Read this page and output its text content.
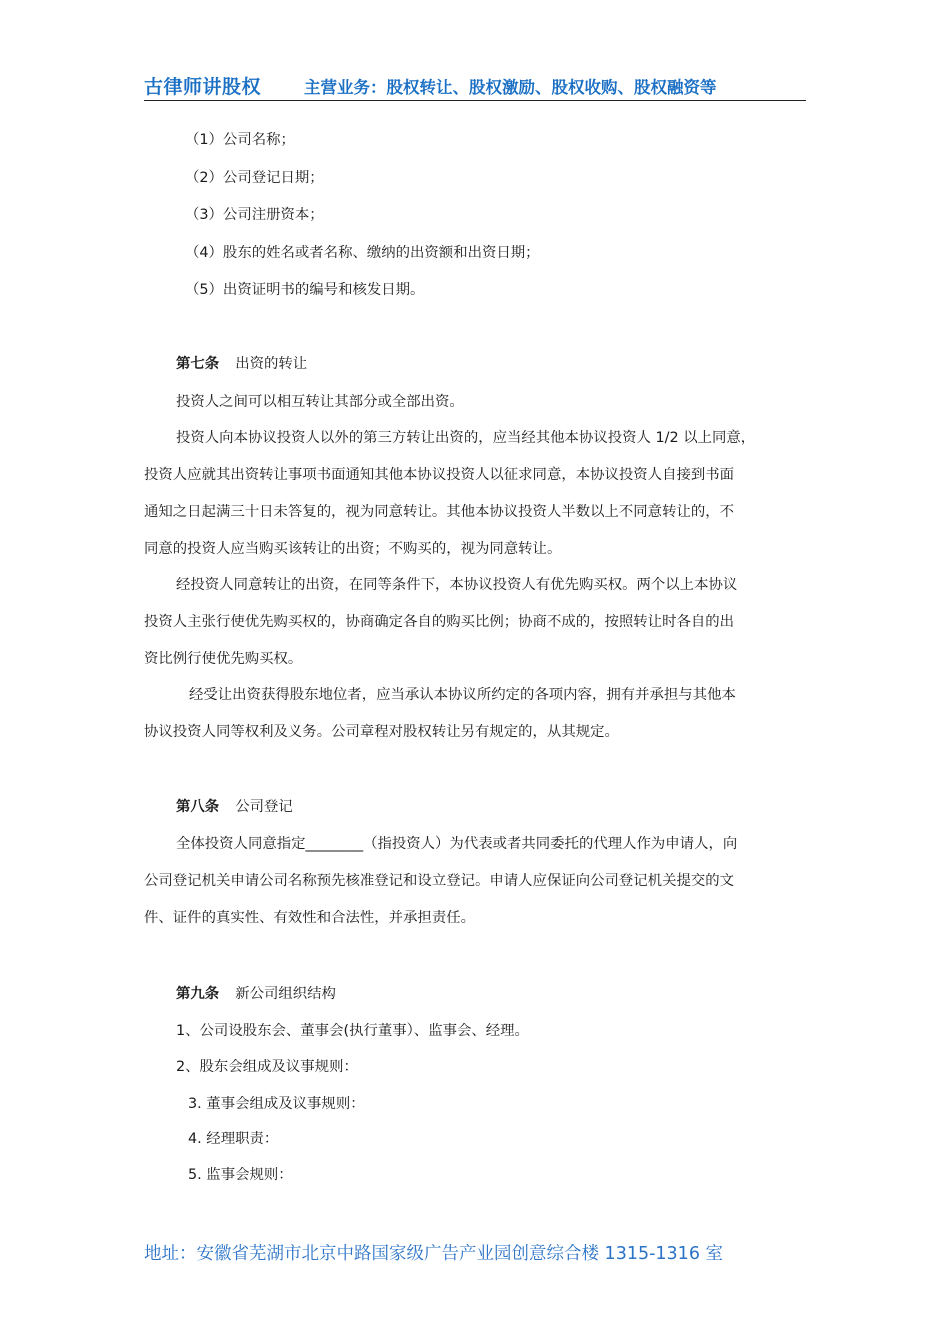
古律师讲股权	主营业务：股权转让、股权激励、股权收购、股权融资等
（1）公司名称；
（2）公司登记日期；
（3）公司注册资本；
（4）股东的姓名或者名称、缴纳的出资额和出资日期；
（5）出资证明书的编号和核发日期。
第七条 出资的转让
投资人之间可以相互转让其部分或全部出资。
投资人向本协议投资人以外的第三方转让出资的，应当经其他本协议投资人 1/2 以上同意，
投资人应就其出资转让事项书面通知其他本协议投资人以征求同意，本协议投资人自接到书面
通知之日起满三十日未答复的，视为同意转让。其他本协议投资人半数以上不同意转让的，不
同意的投资人应当购买该转让的出资；不购买的，视为同意转让。
经投资人同意转让的出资，在同等条件下，本协议投资人有优先购买权。两个以上本协议
投资人主张行使优先购买权的，协商确定各自的购买比例；协商不成的，按照转让时各自的出
资比例行使优先购买权。
经受让出资获得股东地位者，应当承认本协议所约定的各项内容，拥有并承担与其他本
协议投资人同等权利及义务。公司章程对股权转让另有规定的，从其规定。
第八条 公司登记
全体投资人同意指定________（指投资人）为代表或者共同委托的代理人作为申请人，向
公司登记机关申请公司名称预先核准登记和设立登记。申请人应保证向公司登记机关提交的文
件、证件的真实性、有效性和合法性，并承担责任。
第九条 新公司组织结构
1、公司设股东会、董事会(执行董事）、监事会、经理。
2、股东会组成及议事规则：
3. 董事会组成及议事规则：
4. 经理职责：
5. 监事会规则：
地址：安徽省芜湖市北京中路国家级广告产业园创意综合楼 1315-1316 室
